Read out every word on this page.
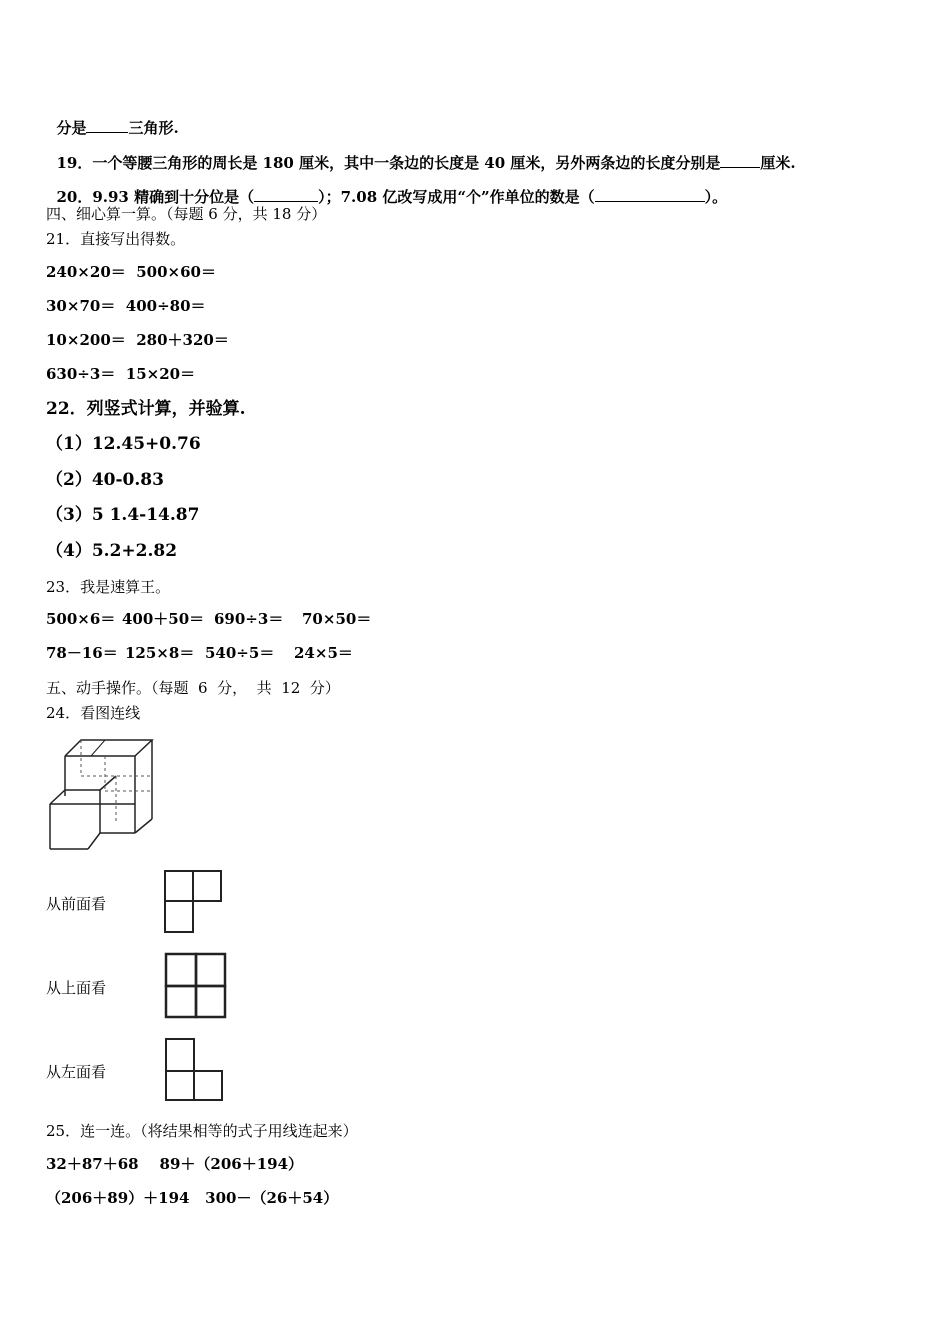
分是	三角形.

19．一个等腰三角形的周长是 180 厘米，其中一条边的长度是 40 厘米，另外两条边的长度分别是	厘米.

20．9.93 精确到十分位是（	）；7.08 亿改写成用“个”作单位的数是（	）。

四、细心算一算。（每题 6 分，共 18 分）
21．直接写出得数。
240×20＝  500×60＝
30×70＝  400÷80＝
10×200＝  280＋320＝
630÷3＝  15×20＝
22．列竖式计算，并验算.
（1）12.45+0.76
（2）40-0.83
（3）5 1.4-14.87
（4）5.2+2.82
23．我是速算王。
500×6＝ 400＋50＝ 690÷3＝ 70×50＝
78－16＝ 125×8＝ 540÷5＝ 24×5＝
五、动手操作。（每题  6  分，  共  12  分）
24．看图连线
从前面看
从上面看
从左面看
25．连一连。（将结果相等的式子用线连起来）
32＋87＋68    89＋（206＋194）
（206＋89）＋194   300－（26＋54）
